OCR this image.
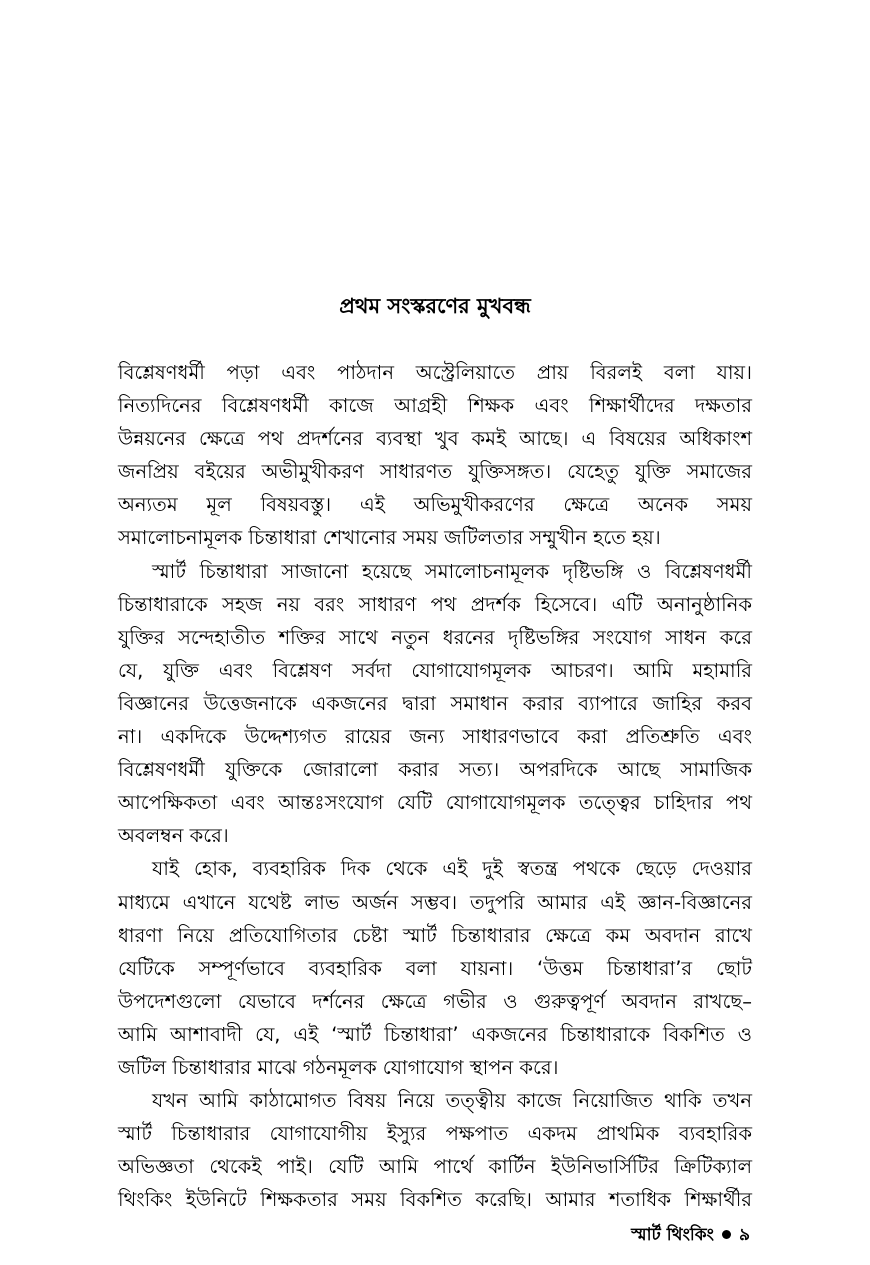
প্রথম সংস্করণের মুখবন্ধ
বিশ্লেষণধর্মী পড়া এবং পাঠদান অস্ট্রেলিয়াতে প্রায় বিরলই বলা যায়।
নিত্যদিনের বিশ্লেষণধর্মী কাজে আগ্রহী শিক্ষক এবং শিক্ষার্থীদের দক্ষতার
উন্নয়নের ক্ষেত্রে পথ প্রদর্শনের ব্যবস্থা খুব কমই আছে। এ বিষয়ের অধিকাংশ
জনপ্রিয় বইয়ের অভীমুখীকরণ সাধারণত যুক্তিসঙ্গত। যেহেতু যুক্তি সমাজের
অন্যতম মূল বিষয়বস্তু। এই অভিমুখীকরণের ক্ষেত্রে অনেক সময়
সমালোচনামূলক চিন্তাধারা শেখানোর সময় জটিলতার সম্মুখীন হতে হয়।
স্মার্ট চিন্তাধারা সাজানো হয়েছে সমালোচনামূলক দৃষ্টিভঙ্গি ও বিশ্লেষণধর্মী
চিন্তাধারাকে সহজ নয় বরং সাধারণ পথ প্রদর্শক হিসেবে। এটি অনানুষ্ঠানিক
যুক্তির সন্দেহাতীত শক্তির সাথে নতুন ধরনের দৃষ্টিভঙ্গির সংযোগ সাধন করে
যে, যুক্তি এবং বিশ্লেষণ সর্বদা যোগাযোগমূলক আচরণ। আমি মহামারি
বিজ্ঞানের উত্তেজনাকে একজনের দ্বারা সমাধান করার ব্যাপারে জাহির করব
না। একদিকে উদ্দেশ্যগত রায়ের জন্য সাধারণভাবে করা প্রতিশ্রুতি এবং
বিশ্লেষণধর্মী যুক্তিকে জোরালো করার সত্য। অপরদিকে আছে সামাজিক
আপেক্ষিকতা এবং আন্তঃসংযোগ যেটি যোগাযোগমূলক তত্ত্বের চাহিদার পথ
অবলম্বন করে।
যাই হোক, ব্যবহারিক দিক থেকে এই দুই স্বতন্ত্র পথকে ছেড়ে দেওয়ার
মাধ্যমে এখানে যথেষ্ট লাভ অর্জন সম্ভব। তদুপরি আমার এই জ্ঞান-বিজ্ঞানের
ধারণা নিয়ে প্রতিযোগিতার চেষ্টা স্মার্ট চিন্তাধারার ক্ষেত্রে কম অবদান রাখে
যেটিকে সম্পূর্ণভাবে ব্যবহারিক বলা যায়না। ‘উত্তম চিন্তাধারা’র ছোট
উপদেশগুলো যেভাবে দর্শনের ক্ষেত্রে গভীর ও গুরুত্বপূর্ণ অবদান রাখছে–
আমি আশাবাদী যে, এই ‘স্মার্ট চিন্তাধারা’ একজনের চিন্তাধারাকে বিকশিত ও
জটিল চিন্তাধারার মাঝে গঠনমূলক যোগাযোগ স্থাপন করে।
যখন আমি কাঠামোগত বিষয় নিয়ে তত্ত্বীয় কাজে নিয়োজিত থাকি তখন
স্মার্ট চিন্তাধারার যোগাযোগীয় ইস্যুর পক্ষপাত একদম প্রাথমিক ব্যবহারিক
অভিজ্ঞতা থেকেই পাই। যেটি আমি পার্থে কার্টিন ইউনিভার্সিটির ক্রিটিক্যাল
থিংকিং ইউনিটে শিক্ষকতার সময় বিকশিত করেছি। আমার শতাধিক শিক্ষার্থীর
স্মার্ট থিংকিং ৯
